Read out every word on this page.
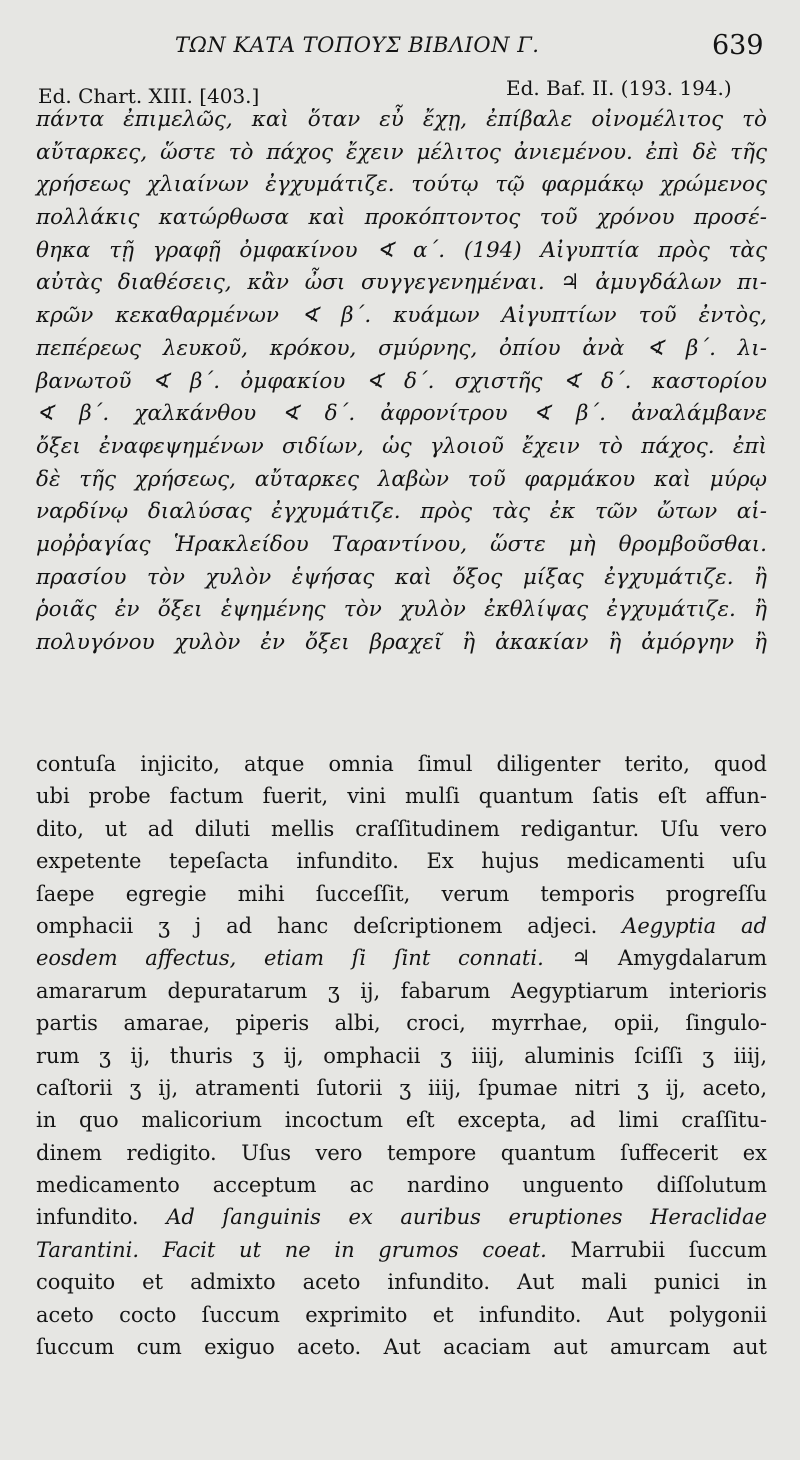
ΤΩΝ ΚΑΤΑ ΤΟΠΟΥΣ ΒΙΒΛΙΟΝ Γ.	639
Ed. Chart. XIII. [403.]	Ed. Baf. II. (193. 194.)
πάντα ἐπιμελῶς, καὶ ὅταν εὖ ἔχῃ, ἐπίβαλε οἰνομέλιτος τὸ
αὔταρκες, ὥστε τὸ πάχος ἔχειν μέλιτος ἀνιεμένου. ἐπὶ δὲ τῆς
χρήσεως χλιαίνων ἐγχυμάτιζε. τούτῳ τῷ φαρμάκῳ χρώμενος
πολλάκις κατώρθωσα καὶ προκόπτοντος τοῦ χρόνου προσέ-
θηκα τῇ γραφῇ ὀμφακίνου ∢ α΄. (194) Αἰγυπτία πρὸς τὰς
αὐτὰς διαθέσεις, κἂν ὦσι συγγεγενημέναι. ♃ ἀμυγδάλων πι-
κρῶν κεκαθαρμένων ∢ β΄. κυάμων Αἰγυπτίων τοῦ ἐντὸς,
πεπέρεως λευκοῦ, κρόκου, σμύρνης, ὀπίου ἀνὰ ∢ β΄. λι-
βανωτοῦ ∢ β΄. ὀμφακίου ∢ δ΄. σχιστῆς ∢ δ΄. καστορίου
∢ β΄. χαλκάνθου ∢ δ΄. ἀφρονίτρου ∢ β΄. ἀναλάμβανε
ὄξει ἐναφεψημένων σιδίων, ὡς γλοιοῦ ἔχειν τὸ πάχος. ἐπὶ
δὲ τῆς χρήσεως, αὔταρκες λαβὼν τοῦ φαρμάκου καὶ μύρῳ
ναρδίνῳ διαλύσας ἐγχυμάτιζε. πρὸς τὰς ἐκ τῶν ὤτων αἱ-
μοῤῥαγίας Ἡρακλείδου Ταραντίνου, ὥστε μὴ θρομβοῦσθαι.
πρασίου τὸν χυλὸν ἑψήσας καὶ ὄξος μίξας ἐγχυμάτιζε. ἢ
ῥοιᾶς ἐν ὄξει ἑψημένης τὸν χυλὸν ἐκθλίψας ἐγχυμάτιζε. ἢ
πολυγόνου χυλὸν ἐν ὄξει βραχεῖ ἢ ἀκακίαν ἢ ἀμόργην ἢ
contuſa injicito, atque omnia ſimul diligenter terito, quod
ubi probe factum fuerit, vini mulſi quantum ſatis eſt affun-
dito, ut ad diluti mellis craſſitudinem redigantur. Uſu vero
expetente tepeſacta infundito. Ex hujus medicamenti uſu
ſaepe egregie mihi ſucceſſit, verum temporis progreſſu
omphacii ʒ j ad hanc deſcriptionem adjeci. Aegyptia ad
eosdem affectus, etiam ſi ſint connati. ♃ Amygdalarum
amararum depuratarum ʒ ij, fabarum Aegyptiarum interioris
partis amarae, piperis albi, croci, myrrhae, opii, ſingulo-
rum ʒ ij, thuris ʒ ij, omphacii ʒ iiij, aluminis ſciſſi ʒ iiij,
caſtorii ʒ ij, atramenti ſutorii ʒ iiij, ſpumae nitri ʒ ij, aceto,
in quo malicorium incoctum eſt excepta, ad limi craſſitu-
dinem redigito. Uſus vero tempore quantum ſuffecerit ex
medicamento acceptum ac nardino unguento diſſolutum
infundito. Ad ſanguinis ex auribus eruptiones Heraclidae
Tarantini. Facit ut ne in grumos coeat. Marrubii ſuccum
coquito et admixto aceto infundito. Aut mali punici in
aceto cocto ſuccum exprimito et infundito. Aut polygonii
ſuccum cum exiguo aceto. Aut acaciam aut amurcam aut
